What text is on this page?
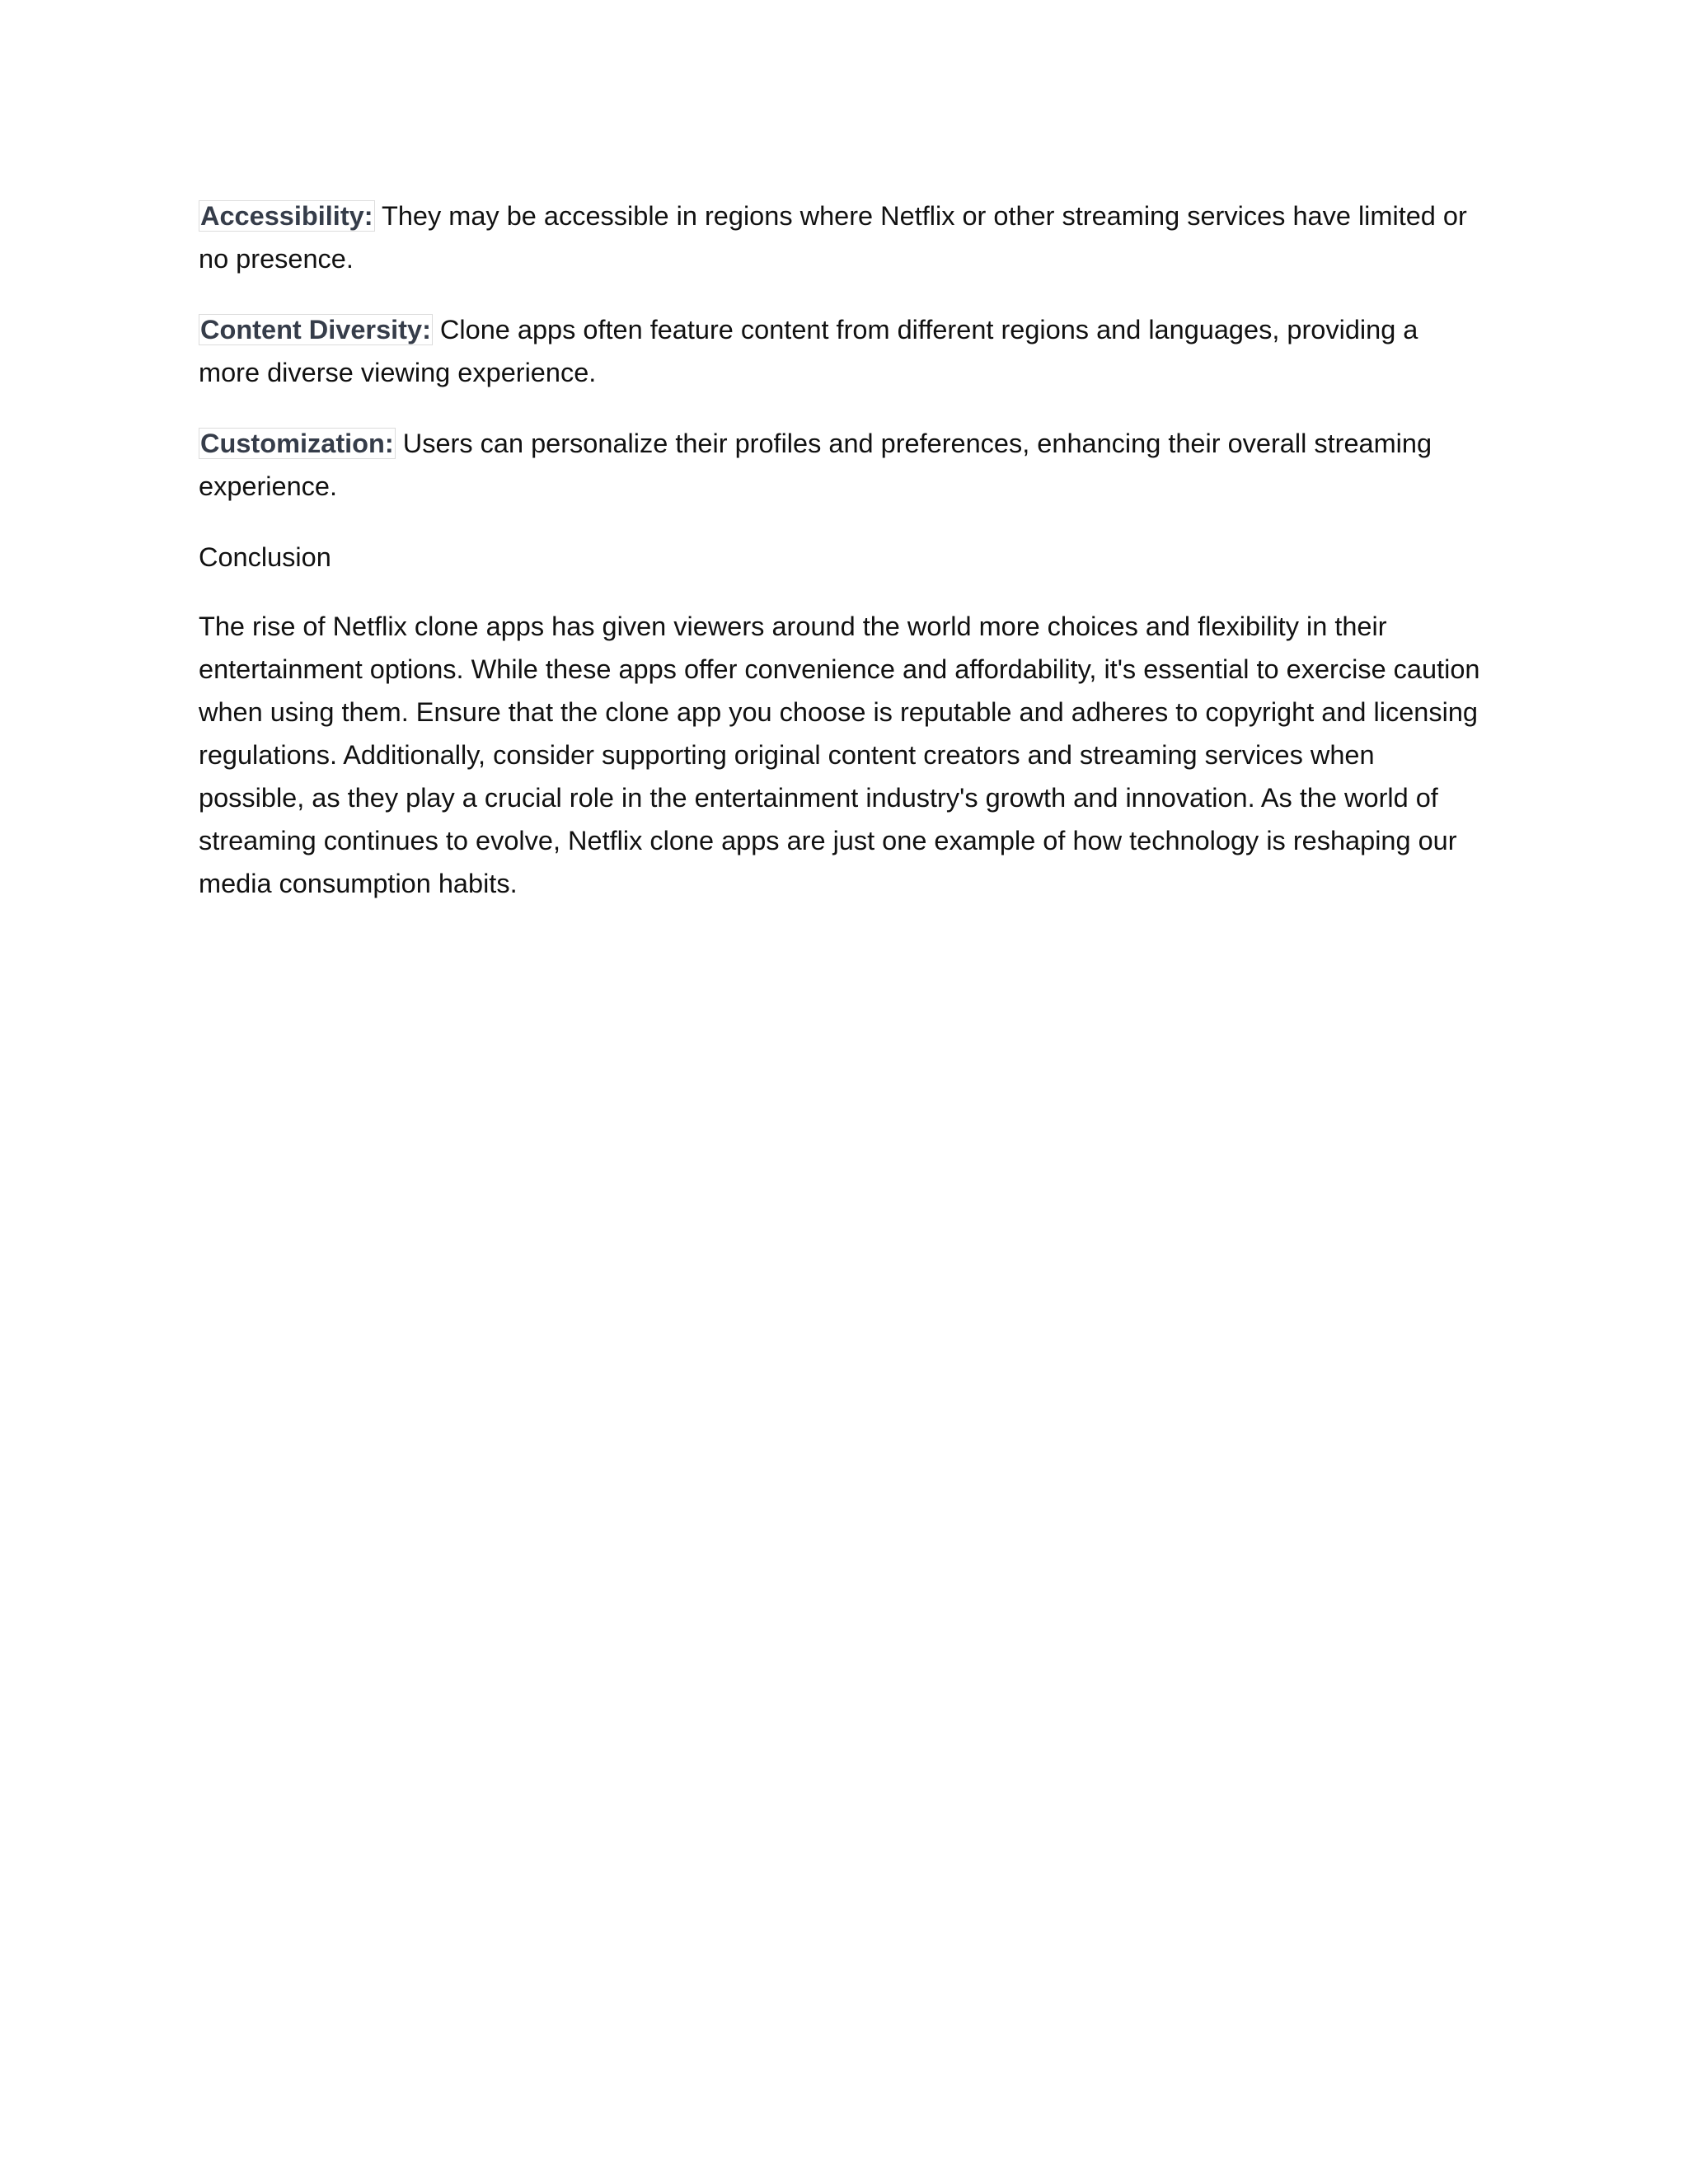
Accessibility: They may be accessible in regions where Netflix or other streaming services have limited or no presence.

Content Diversity: Clone apps often feature content from different regions and languages, providing a more diverse viewing experience.

Customization: Users can personalize their profiles and preferences, enhancing their overall streaming experience.

Conclusion

The rise of Netflix clone apps has given viewers around the world more choices and flexibility in their entertainment options. While these apps offer convenience and affordability, it's essential to exercise caution when using them. Ensure that the clone app you choose is reputable and adheres to copyright and licensing regulations. Additionally, consider supporting original content creators and streaming services when possible, as they play a crucial role in the entertainment industry's growth and innovation. As the world of streaming continues to evolve, Netflix clone apps are just one example of how technology is reshaping our media consumption habits.
